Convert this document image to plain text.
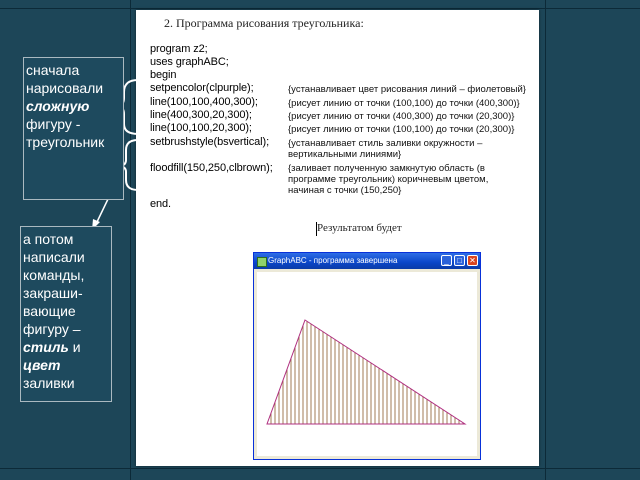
2. Программа рисования треугольника:
program z2;
uses graphABC;
begin
setpencolor(clpurple);
line(100,100,400,300);
line(400,300,20,300);
line(100,100,20,300);
setbrushstyle(bsvertical);
floodfill(150,250,clbrown);
end.
{устанавливает цвет рисования линий – фиолетовый}
{рисует линию от точки (100,100) до точки (400,300)}
{рисует линию от точки (400,300) до точки (20,300)}
{рисует линию от точки (100,100) до точки (20,300)}
{устанавливает стиль заливки окружности –
вертикальными линиями}
{заливает полученную замкнутую область (в
программе треугольник) коричневым цветом,
начиная с точки (150,250}
Результатом будет
сначала нарисовали сложную фигуру - треугольник
а потом написали команды, закраши-вающие фигуру – стиль и цвет заливки
GraphABC - программа завершена	_	□ ✕
